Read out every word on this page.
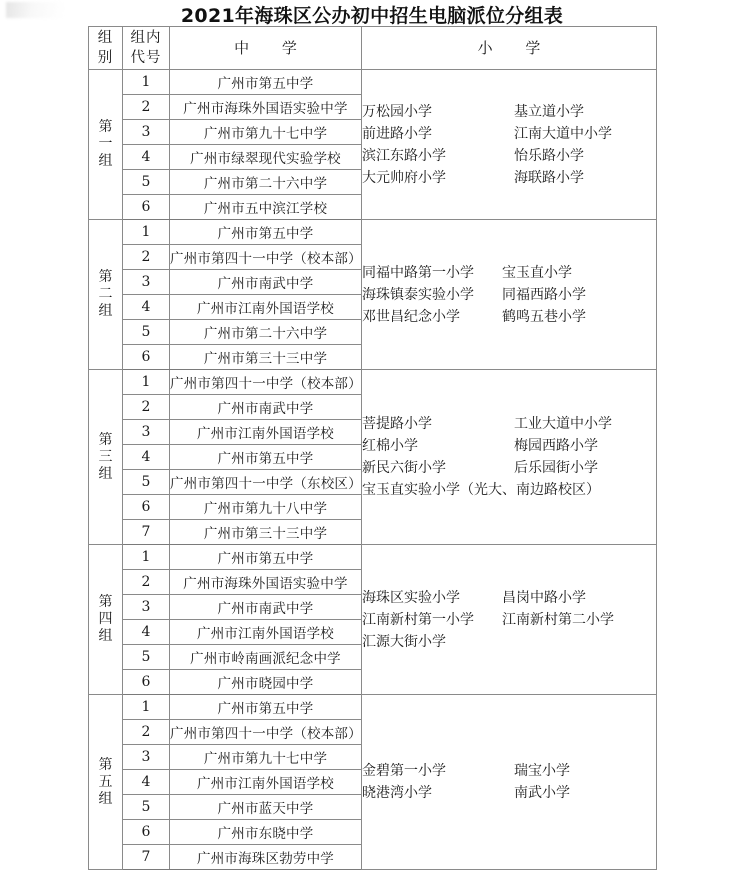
2021年海珠区公办初中招生电脑派位分组表
组
别	组内
代号	中 学	小 学

第
一
组	1	广州市第五中学	万松园小学 基立道小学
前进路小学 江南大道中小学
滨江东路小学 怡乐路小学
大元帅府小学 海联路小学

	2	广州市海珠外国语实验中学	
	3	广州市第九十七中学	
	4	广州市绿翠现代实验学校	
	5	广州市第二十六中学	
	6	广州市五中滨江学校	

第
二
组	1	广州市第五中学	同福中路第一小学 宝玉直小学
海珠镇泰实验小学 同福西路小学
邓世昌纪念小学 鹤鸣五巷小学

	2	广州市第四十一中学（校本部）	
	3	广州市南武中学	
	4	广州市江南外国语学校	
	5	广州市第二十六中学	
	6	广州市第三十三中学	

第
三
组	1	广州市第四十一中学（校本部）	菩提路小学 工业大道中小学
红棉小学 梅园西路小学
新民六街小学 后乐园街小学
宝玉直实验小学（光大、南边路校区）

	2	广州市南武中学	
	3	广州市江南外国语学校	
	4	广州市第五中学	
	5	广州市第四十一中学（东校区）	
	6	广州市第九十八中学	
	7	广州市第三十三中学	

第
四
组	1	广州市第五中学	海珠区实验小学 昌岗中路小学
江南新村第一小学 江南新村第二小学
汇源大街小学

	2	广州市海珠外国语实验中学	
	3	广州市南武中学	
	4	广州市江南外国语学校	
	5	广州市岭南画派纪念中学	
	6	广州市晓园中学	

第
五
组	1	广州市第五中学	金碧第一小学 瑞宝小学
晓港湾小学 南武小学

	2	广州市第四十一中学（校本部）	
	3	广州市第九十七中学	
	4	广州市江南外国语学校	
	5	广州市蓝天中学	
	6	广州市东晓中学	
	7	广州市海珠区勃劳中学	
